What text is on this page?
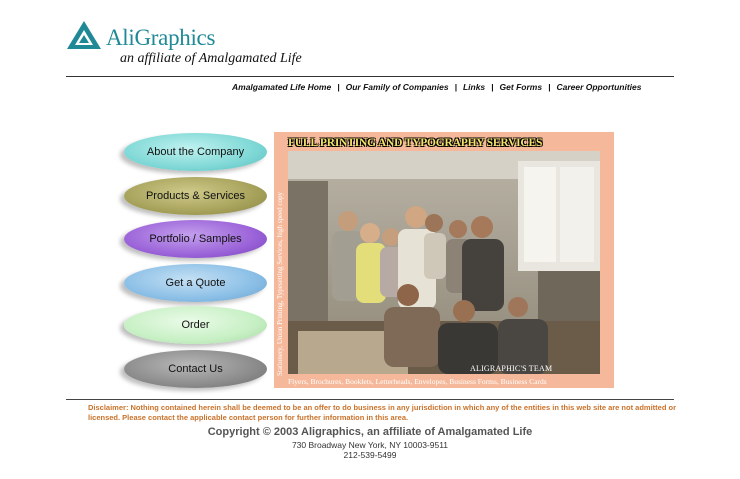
AliGraphics
an affiliate of Amalgamated Life
Amalgamated Life Home | Our Family of Companies | Links | Get Forms | Career Opportunities
About the Company
Products & Services
Portfolio / Samples
Get a Quote
Order
Contact Us
FULL PRINTING AND TYPOGRAPHY SERVICES
Stationery, Union Printing, Typesetting Services, high speed copy	ALIGRAPHIC'S TEAM
Flyers, Brochures, Booklets, Letterheads, Envelopes, Business Forms, Business Cards
Disclaimer: Nothing contained herein shall be deemed to be an offer to do business in any jurisdiction in which any of the entities in this web site are not admitted or licensed. Please contact the applicable contact person for further information in this area.
Copyright © 2003 Aligraphics, an affiliate of Amalgamated Life
730 Broadway New York, NY 10003-9511
212-539-5499
